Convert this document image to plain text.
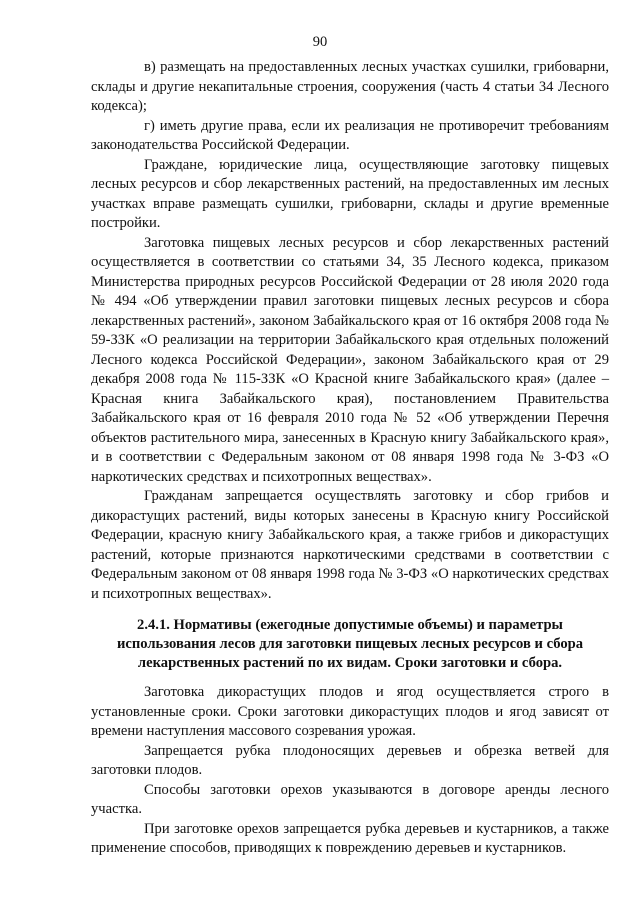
90

в) размещать на предоставленных лесных участках сушилки, грибоварни, склады и другие некапитальные строения, сооружения (часть 4 статьи 34 Лесного кодекса);

г) иметь другие права, если их реализация не противоречит требованиям законодательства Российской Федерации.

Граждане, юридические лица, осуществляющие заготовку пищевых лесных ресурсов и сбор лекарственных растений, на предоставленных им лесных участках вправе размещать сушилки, грибоварни, склады и другие временные постройки.

Заготовка пищевых лесных ресурсов и сбор лекарственных растений осуществляется в соответствии со статьями 34, 35 Лесного кодекса, приказом Министерства природных ресурсов Российской Федерации от 28 июля 2020 года № 494 «Об утверждении правил заготовки пищевых лесных ресурсов и сбора лекарственных растений», законом Забайкальского края от 16 октября 2008 года № 59-ЗЗК «О реализации на территории Забайкальского края отдельных положений Лесного кодекса Российской Федерации», законом Забайкальского края от 29 декабря 2008 года № 115-ЗЗК «О Красной книге Забайкальского края» (далее – Красная книга Забайкальского края), постановлением Правительства Забайкальского края от 16 февраля 2010 года № 52 «Об утверждении Перечня объектов растительного мира, занесенных в Красную книгу Забайкальского края», и в соответствии с Федеральным законом от 08 января 1998 года № 3-ФЗ «О наркотических средствах и психотропных веществах».

Гражданам запрещается осуществлять заготовку и сбор грибов и дикорастущих растений, виды которых занесены в Красную книгу Российской Федерации, красную книгу Забайкальского края, а также грибов и дикорастущих растений, которые признаются наркотическими средствами в соответствии с Федеральным законом от 08 января 1998 года № 3-ФЗ «О наркотических средствах и психотропных веществах».

2.4.1. Нормативы (ежегодные допустимые объемы) и параметры использования лесов для заготовки пищевых лесных ресурсов и сбора лекарственных растений по их видам. Сроки заготовки и сбора.

Заготовка дикорастущих плодов и ягод осуществляется строго в установленные сроки. Сроки заготовки дикорастущих плодов и ягод зависят от времени наступления массового созревания урожая.

Запрещается рубка плодоносящих деревьев и обрезка ветвей для заготовки плодов.

Способы заготовки орехов указываются в договоре аренды лесного участка.

При заготовке орехов запрещается рубка деревьев и кустарников, а также применение способов, приводящих к повреждению деревьев и кустарников.
